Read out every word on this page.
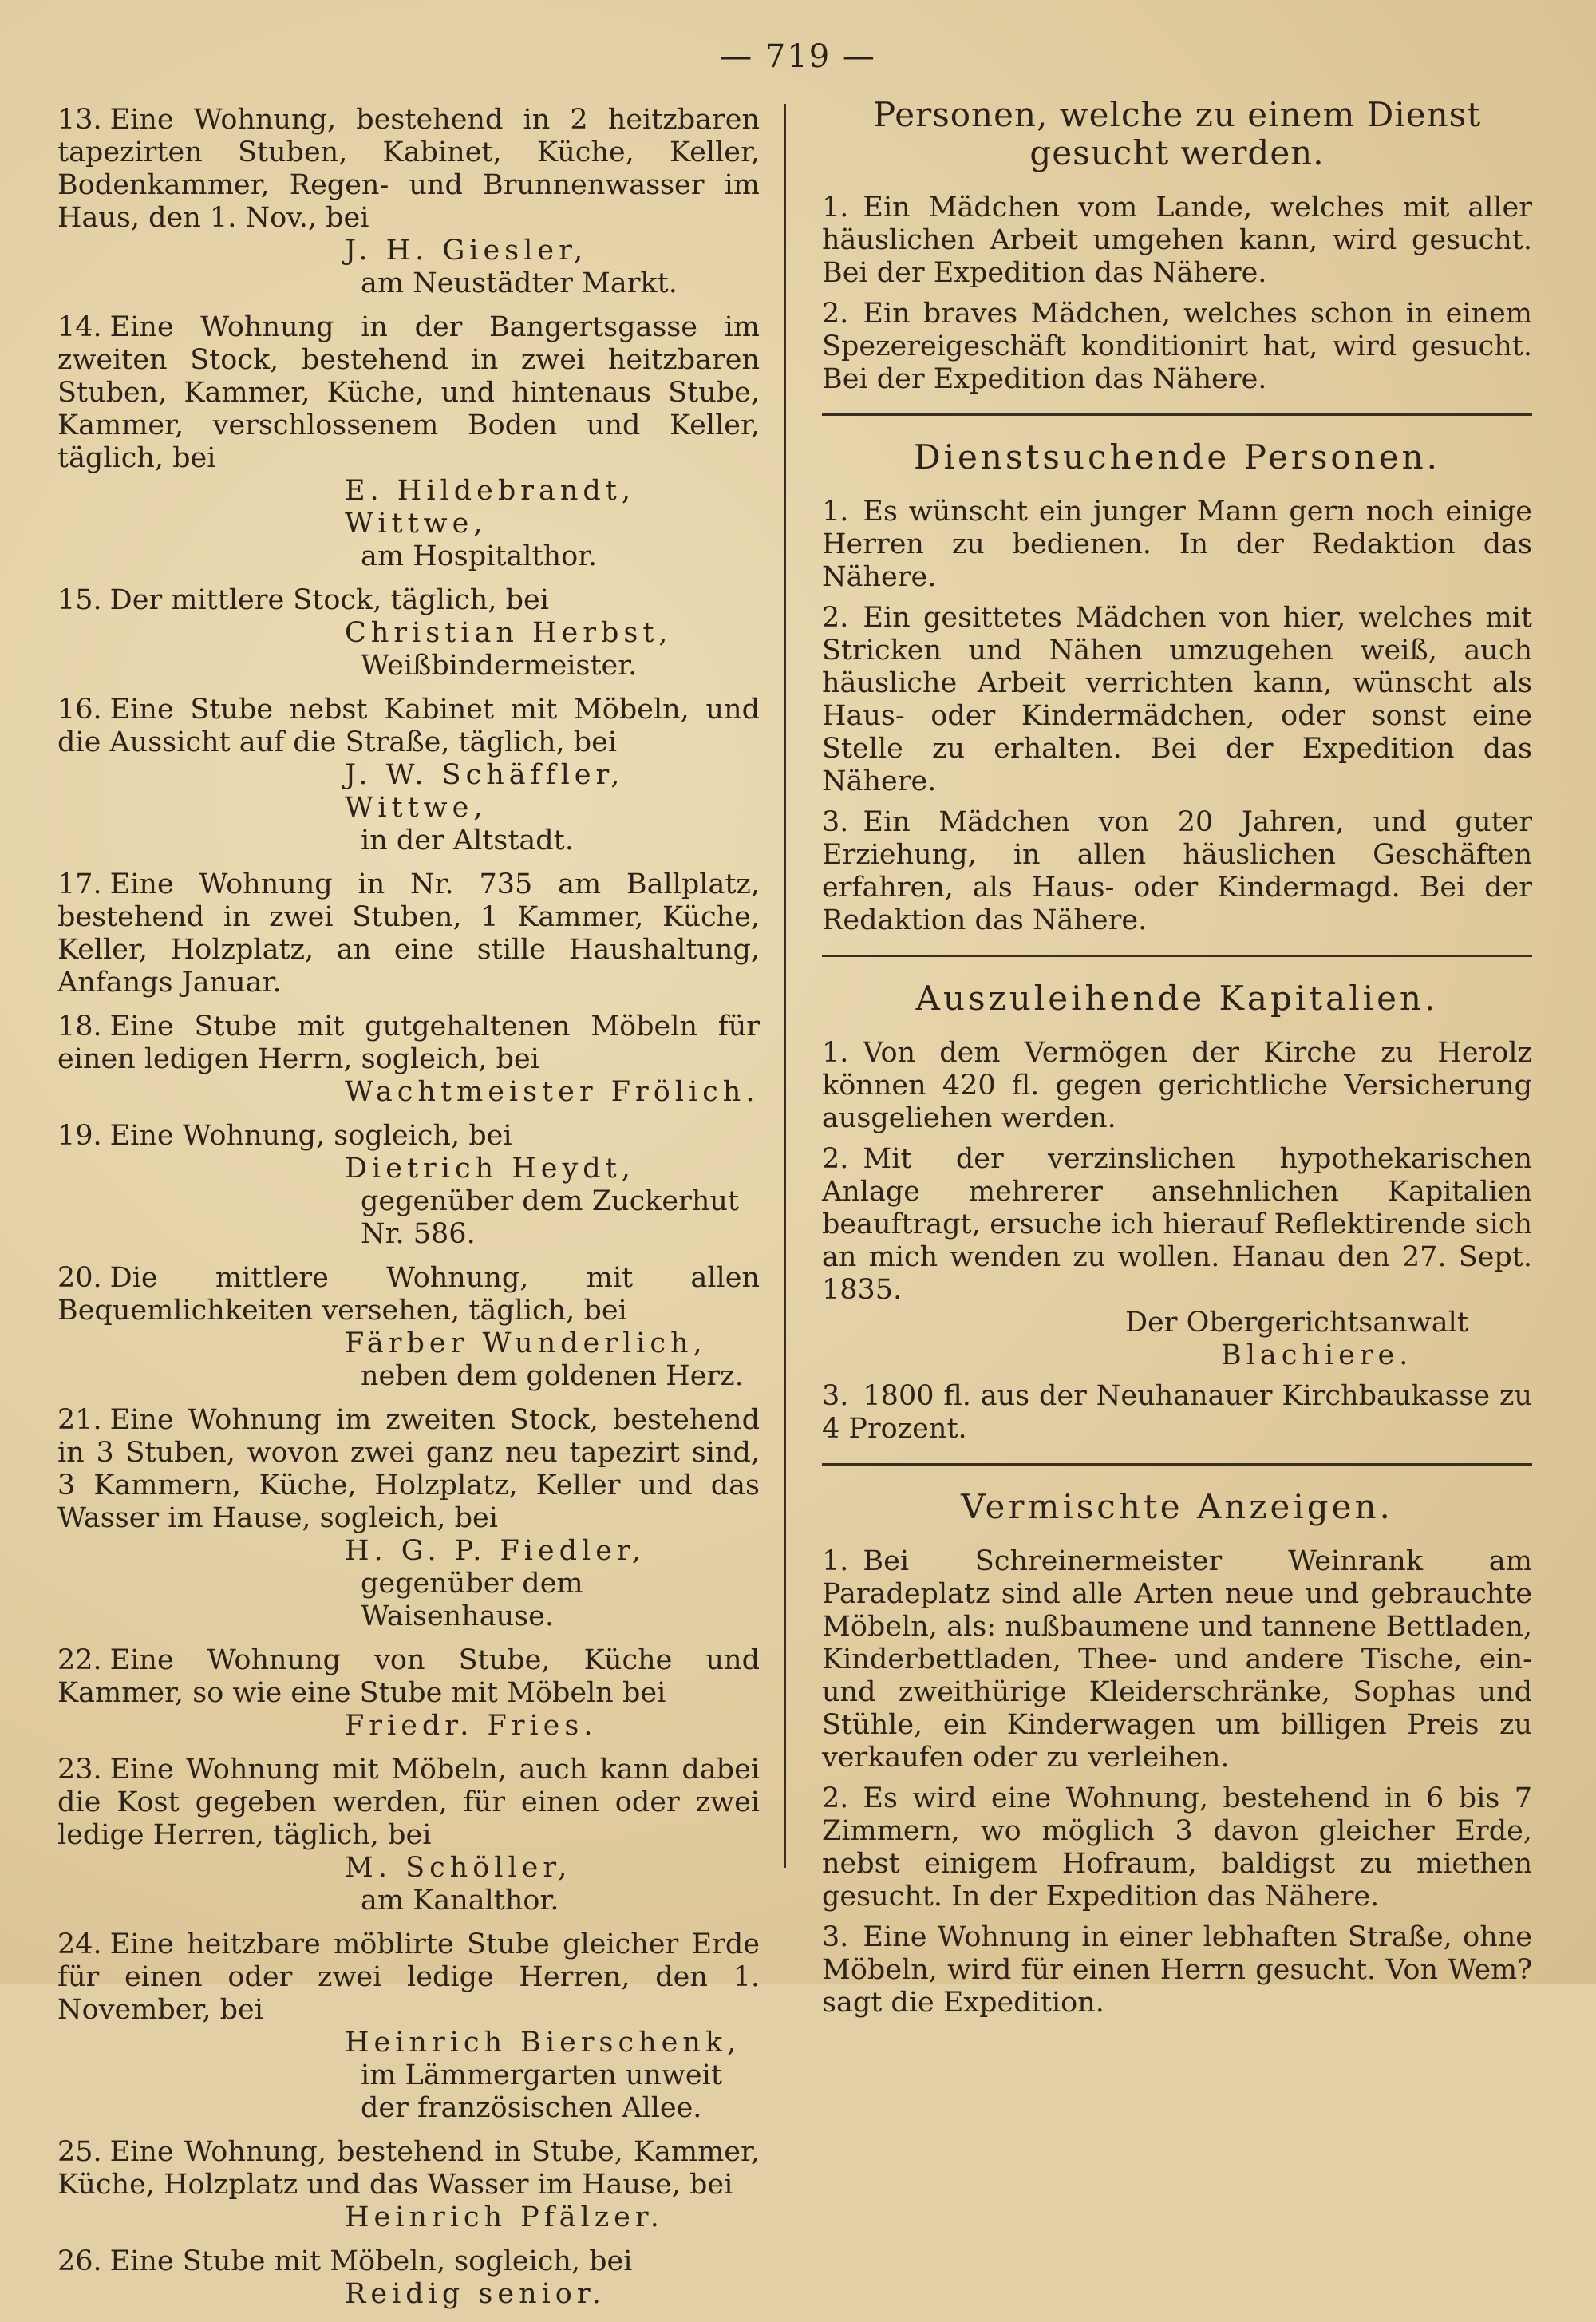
— 719 —
13. Eine Wohnung, bestehend in 2 heitzbaren tapezirten Stuben, Kabinet, Küche, Keller, Bodenkammer, Regen- und Brunnenwasser im Haus, den 1. Nov., bei
J. H. Giesler,
am Neustädter Markt.
14. Eine Wohnung in der Bangertsgasse im zweiten Stock, bestehend in zwei heitzbaren Stuben, Kammer, Küche, und hintenaus Stube, Kammer, verschlossenem Boden und Keller, täglich, bei
E. Hildebrandt, Wittwe,
am Hospitalthor.
15. Der mittlere Stock, täglich, bei
Christian Herbst,
Weißbindermeister.
16. Eine Stube nebst Kabinet mit Möbeln, und die Aussicht auf die Straße, täglich, bei
J. W. Schäffler, Wittwe,
in der Altstadt.
17. Eine Wohnung in Nr. 735 am Ballplatz, bestehend in zwei Stuben, 1 Kammer, Küche, Keller, Holzplatz, an eine stille Haushaltung, Anfangs Januar.
18. Eine Stube mit gutgehaltenen Möbeln für einen ledigen Herrn, sogleich, bei
Wachtmeister Frölich.
19. Eine Wohnung, sogleich, bei
Dietrich Heydt,
gegenüber dem Zuckerhut Nr. 586.
20. Die mittlere Wohnung, mit allen Bequemlichkeiten versehen, täglich, bei
Färber Wunderlich,
neben dem goldenen Herz.
21. Eine Wohnung im zweiten Stock, bestehend in 3 Stuben, wovon zwei ganz neu tapezirt sind, 3 Kammern, Küche, Holzplatz, Keller und das Wasser im Hause, sogleich, bei
H. G. P. Fiedler,
gegenüber dem Waisenhause.
22. Eine Wohnung von Stube, Küche und Kammer, so wie eine Stube mit Möbeln bei
Friedr. Fries.
23. Eine Wohnung mit Möbeln, auch kann dabei die Kost gegeben werden, für einen oder zwei ledige Herren, täglich, bei
M. Schöller,
am Kanalthor.
24. Eine heitzbare möblirte Stube gleicher Erde für einen oder zwei ledige Herren, den 1. November, bei
Heinrich Bierschenk,
im Lämmergarten unweit der französischen Allee.
25. Eine Wohnung, bestehend in Stube, Kammer, Küche, Holzplatz und das Wasser im Hause, bei
Heinrich Pfälzer.
26. Eine Stube mit Möbeln, sogleich, bei
Reidig senior.
Personen, welche zu einem Dienst gesucht werden.
1. Ein Mädchen vom Lande, welches mit aller häuslichen Arbeit umgehen kann, wird gesucht. Bei der Expedition das Nähere.
2. Ein braves Mädchen, welches schon in einem Spezereigeschäft konditionirt hat, wird gesucht. Bei der Expedition das Nähere.
Dienstsuchende Personen.
1. Es wünscht ein junger Mann gern noch einige Herren zu bedienen. In der Redaktion das Nähere.
2. Ein gesittetes Mädchen von hier, welches mit Stricken und Nähen umzugehen weiß, auch häusliche Arbeit verrichten kann, wünscht als Haus- oder Kindermädchen, oder sonst eine Stelle zu erhalten. Bei der Expedition das Nähere.
3. Ein Mädchen von 20 Jahren, und guter Erziehung, in allen häuslichen Geschäften erfahren, als Haus- oder Kindermagd. Bei der Redaktion das Nähere.
Auszuleihende Kapitalien.
1. Von dem Vermögen der Kirche zu Herolz können 420 fl. gegen gerichtliche Versicherung ausgeliehen werden.
2. Mit der verzinslichen hypothekarischen Anlage mehrerer ansehnlichen Kapitalien beauftragt, ersuche ich hierauf Reflektirende sich an mich wenden zu wollen. Hanau den 27. Sept. 1835.
Der Obergerichtsanwalt
Blachiere.
3. 1800 fl. aus der Neuhanauer Kirchbaukasse zu 4 Prozent.
Vermischte Anzeigen.
1. Bei Schreinermeister Weinrank am Paradeplatz sind alle Arten neue und gebrauchte Möbeln, als: nußbaumene und tannene Bettladen, Kinderbettladen, Thee- und andere Tische, ein- und zweithürige Kleiderschränke, Sophas und Stühle, ein Kinderwagen um billigen Preis zu verkaufen oder zu verleihen.
2. Es wird eine Wohnung, bestehend in 6 bis 7 Zimmern, wo möglich 3 davon gleicher Erde, nebst einigem Hofraum, baldigst zu miethen gesucht. In der Expedition das Nähere.
3. Eine Wohnung in einer lebhaften Straße, ohne Möbeln, wird für einen Herrn gesucht. Von Wem? sagt die Expedition.
